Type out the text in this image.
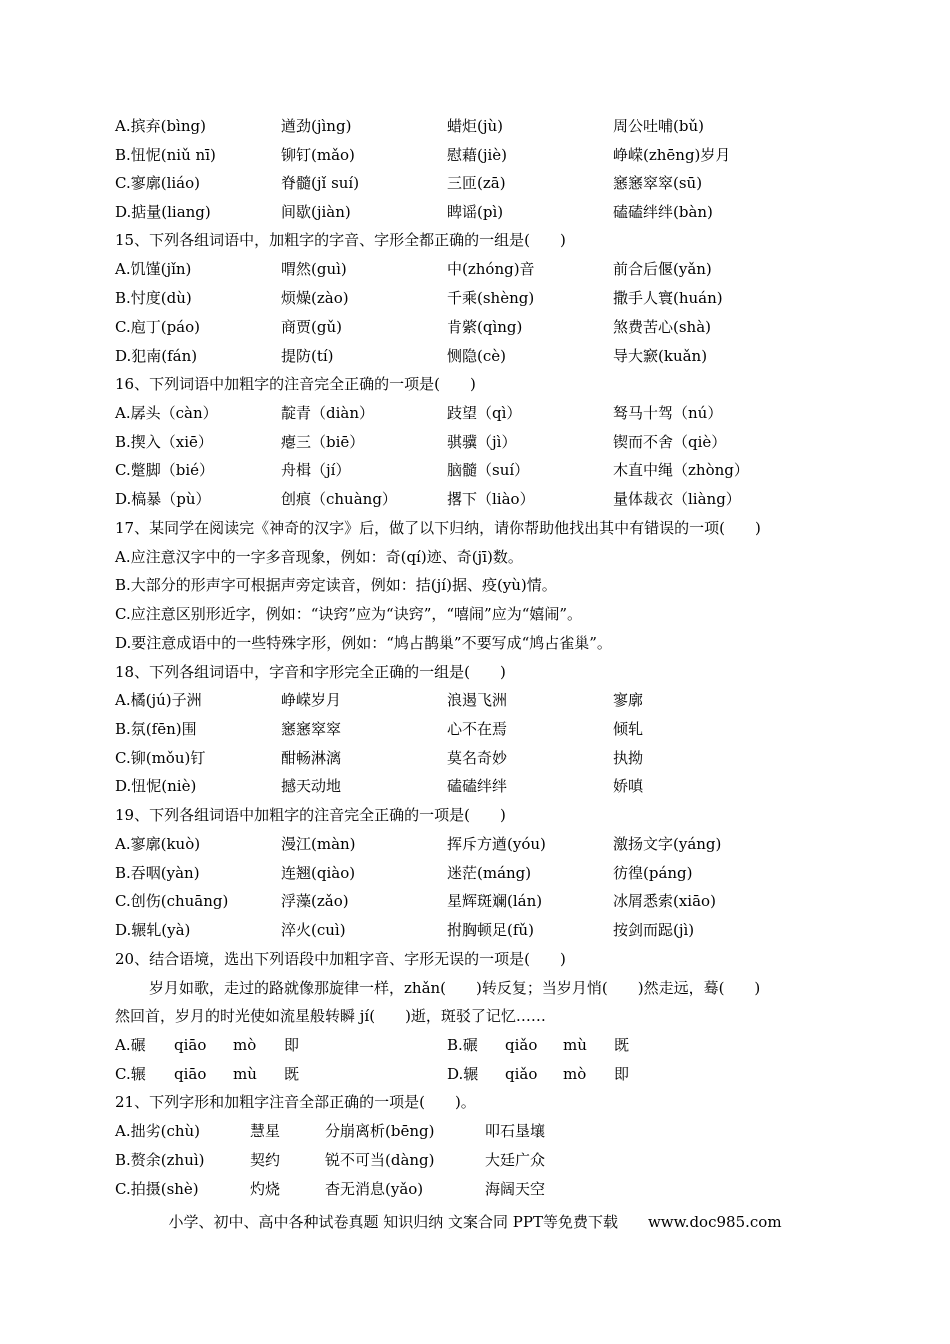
A.摈弃(bìng)	遒劲(jìng)	蜡炬(jù)	周公吐哺(bǔ)
B.忸怩(niǔ nī)	铆钉(mǎo)	慰藉(jiè)	峥嵘(zhēng)岁月
C.寥廓(liáo)	脊髓(jǐ suí)	三匝(zā)	窸窸窣窣(sū)
D.掂量(liang)	间歇(jiàn)	睥谣(pì)	磕磕绊绊(bàn)
15、下列各组词语中，加粗字的字音、字形全都正确的一组是(　　)
A.饥馑(jǐn)	喟然(guì)	中(zhóng)音	前合后偃(yǎn)
B.忖度(dù)	烦燥(zào)	千乘(shèng)	撒手人寰(huán)
C.庖丁(páo)	商贾(gǔ)	肯綮(qìng)	煞费苦心(shà)
D.犯南(fán)	提防(tí)	恻隐(cè)	导大窾(kuǎn)
16、下列词语中加粗字的注音完全正确的一项是(　　)
A.孱头（càn）	靛青（diàn）	跂望（qì）	驽马十驾（nú）
B.揳入（xiē）	瘪三（biē）	骐骥（jì）	锲而不舍（qiè）
C.蹩脚（bié）	舟楫（jí）	脑髓（suí）	木直中绳（zhòng）
D.槁暴（pù）	创痕（chuàng）	撂下（liào）	量体裁衣（liàng）
17、某同学在阅读完《神奇的汉字》后，做了以下归纳，请你帮助他找出其中有错误的一项(　　)
A.应注意汉字中的一字多音现象，例如：奇(qí)迹、奇(jī)数。
B.大部分的形声字可根据声旁定读音，例如：拮(jí)据、疫(yù)情。
C.应注意区别形近字，例如：“诀窍”应为“诀窍”，“嘻闹”应为“嬉闹”。
D.要注意成语中的一些特殊字形，例如：“鸠占鹊巢”不要写成“鸠占雀巢”。
18、下列各组词语中，字音和字形完全正确的一组是(　　)
A.橘(jú)子洲	峥嵘岁月	浪遏飞洲	寥廓
B.氛(fēn)围	窸窸窣窣	心不在焉	倾轧
C.铆(mǒu)钉	酣畅淋漓	莫名奇妙	执拗
D.忸怩(niè)	撼天动地	磕磕绊绊	娇嗔
19、下列各组词语中加粗字的注音完全正确的一项是(　　)
A.寥廓(kuò)	漫江(màn)	挥斥方遒(yóu)	激扬文字(yáng)
B.吞咽(yàn)	连翘(qiào)	迷茫(máng)	彷徨(páng)
C.创伤(chuāng)	浮藻(zǎo)	星辉斑斓(lán)	冰屑悉索(xiāo)
D.辗轧(yà)	淬火(cuì)	拊胸顿足(fǔ)	按剑而跽(jì)
20、结合语境，选出下列语段中加粗字音、字形无误的一项是(　　)
岁月如歌，走过的路就像那旋律一样，zhǎn(　　)转反复；当岁月悄(　　)然走远，蓦(　　)
然回首，岁月的时光使如流星般转瞬 jí(　　)逝，斑驳了记忆……
A.碾 qiāo mò 即	B.碾 qiǎo mù 既
C.辗 qiāo mù 既	D.辗 qiǎo mò 即
21、下列字形和加粗字注音全部正确的一项是(　　)。
A.拙劣(chù)	慧星	分崩离析(bēng)	叩石垦壤
B.赘余(zhuì)	契约	锐不可当(dàng)	大廷广众
C.拍摄(shè)	灼烧	杳无消息(yǎo)	海阔天空
小学、初中、高中各种试卷真题 知识归纳 文案合同 PPT等免费下载　　www.doc985.com
